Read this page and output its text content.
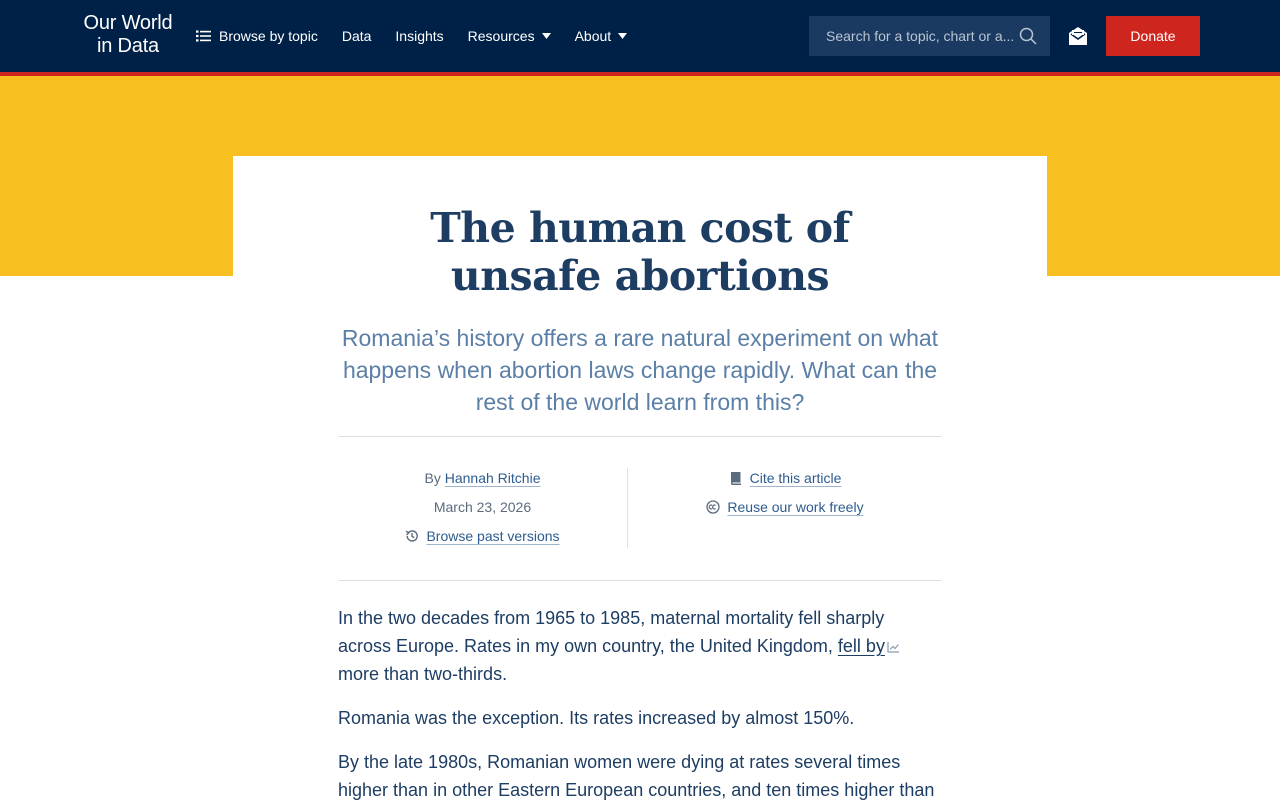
Our World
in Data	Browse by topic Data Insights Resources	About
Search for a topic, chart or a...	Donate
The human cost of
unsafe abortions
Romania’s history offers a rare natural experiment on what happens when abortion laws change rapidly. What can the rest of the world learn from this?
By
Hannah Ritchie
March 23, 2026
Browse past versions
Cite this article
Reuse our work freely

In the two decades from 1965 to 1985, maternal mortality fell sharply across Europe. Rates in my own country, the United Kingdom, fell by more than two-thirds.

Romania was the exception. Its rates increased by almost 150%.

By the late 1980s, Romanian women were dying at rates several times higher than in other Eastern European countries, and ten times higher than
